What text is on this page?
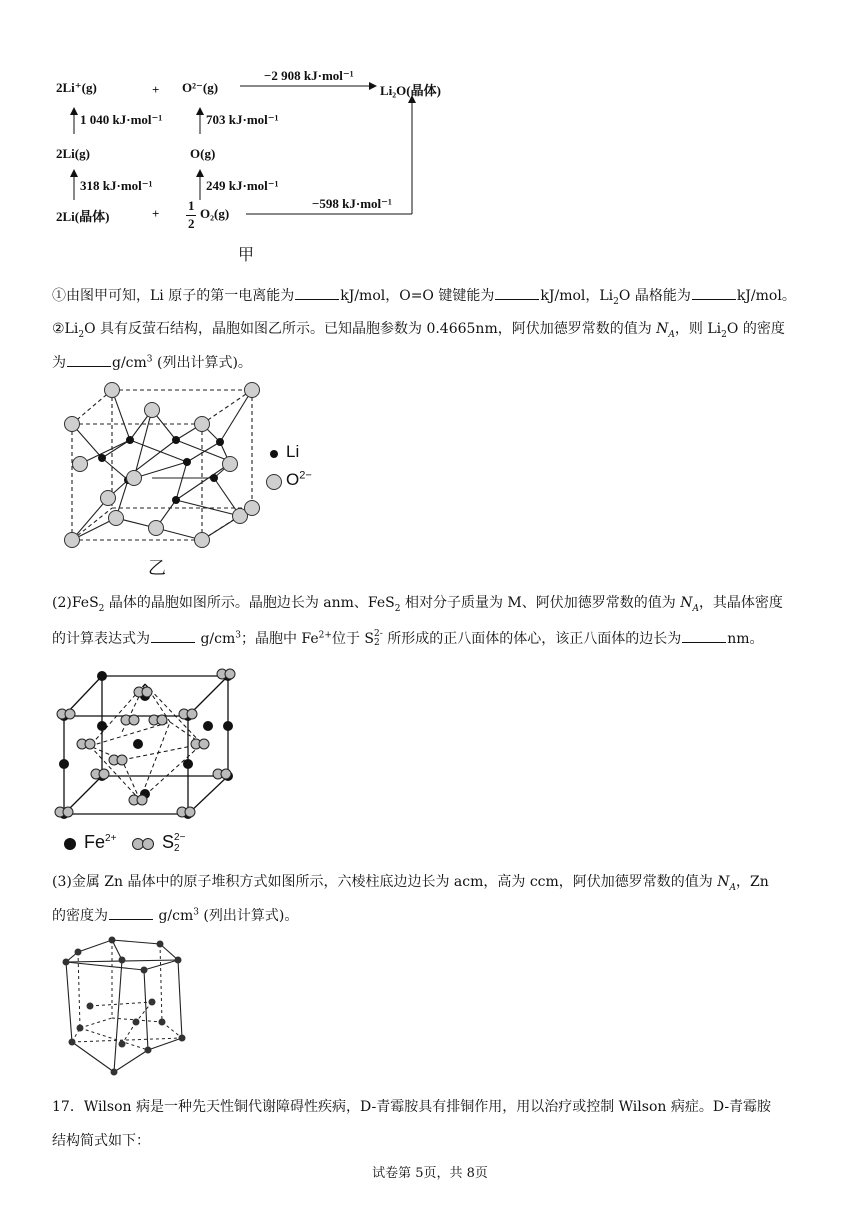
2Li⁺(g)	+ O²⁻(g)
−2 908 kJ·mol⁻¹
Li₂O(晶体)
1 040 kJ·mol⁻¹	703 kJ·mol⁻¹
2Li(g)	O(g)
318 kJ·mol⁻¹	249 kJ·mol⁻¹
2Li(晶体)	+
1
2
O₂(g)
−598 kJ·mol⁻¹
甲
①由图甲可知，Li 原子的第一电离能为	kJ/mol，O=O 键键能为	kJ/mol，$Li_2O$ 晶格能为	kJ/mol。
$②Li_2O$ 具有反萤石结构，晶胞如图乙所示。已知晶胞参数为 0.4665nm，阿伏加德罗常数的值为 $N_A$，则 $Li_2O$ 的密度
为	$g/cm^3$ (列出计算式)。
Li
$O^{2-}$
乙
(2)FeS$_2$ 晶体的晶胞如图所示。晶胞边长为 anm、FeS$_2$ 相对分子质量为 M、阿伏加德罗常数的值为 $N_A$，其晶体密度
的计算表达式为	$g/cm^3$；晶胞中 $Fe^{2+}$位于 S 2-
2 所形成的正八面体的体心，该正八面体的边长为	nm。
$Fe^{2+}$	S 2−
2
(3)金属 Zn 晶体中的原子堆积方式如图所示，六棱柱底边边长为 acm，高为 ccm，阿伏加德罗常数的值为 $N_A$，Zn
的密度为	$g/cm^3$ (列出计算式)。
17．Wilson 病是一种先天性铜代谢障碍性疾病，D-青霉胺具有排铜作用，用以治疗或控制 Wilson 病症。D-青霉胺
结构简式如下：
试卷第 5页，共 8页
